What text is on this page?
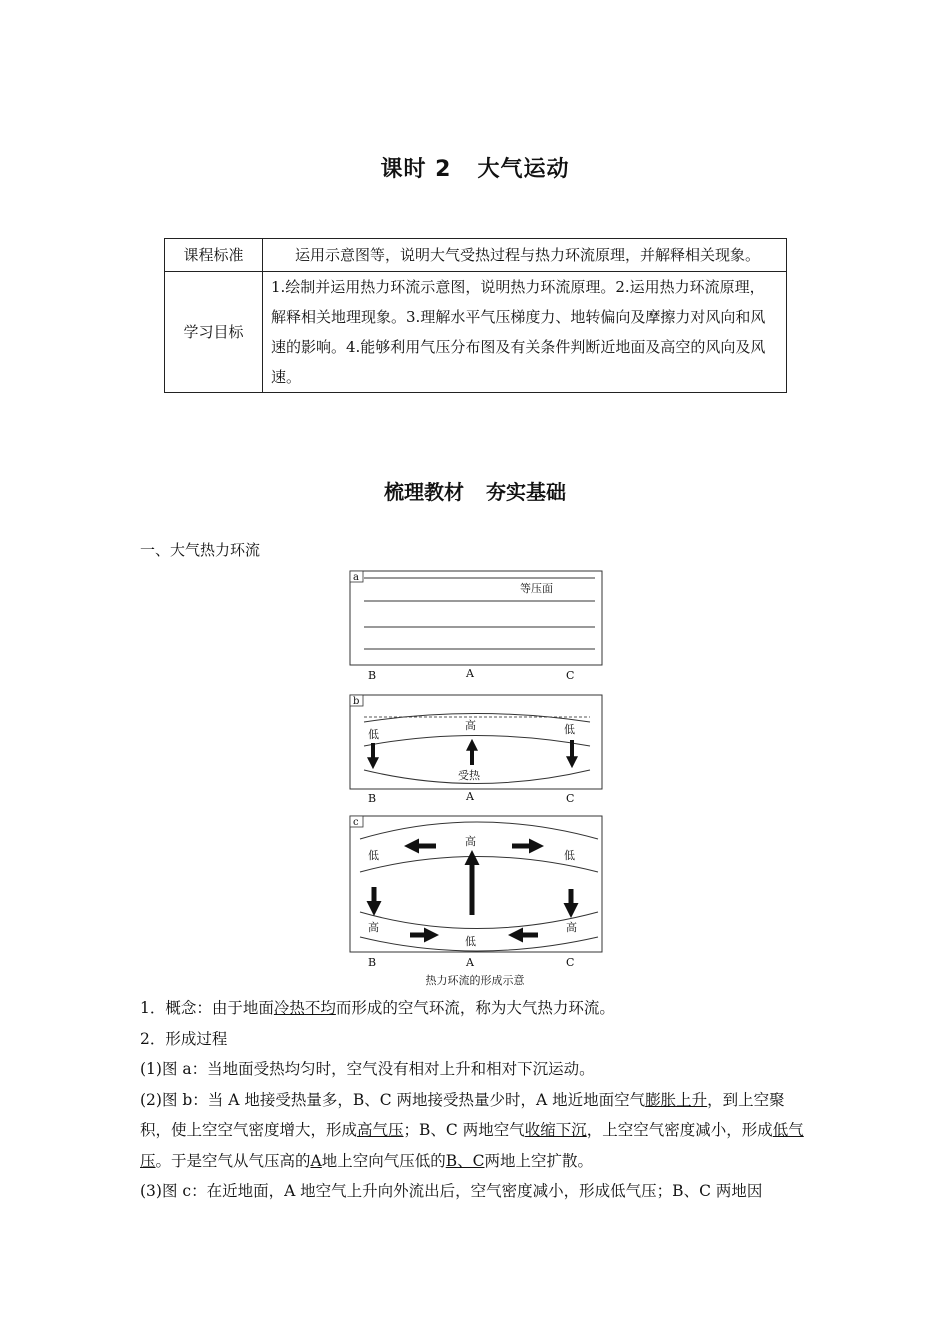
课时 2 大气运动
课程标准	运用示意图等，说明大气受热过程与热力环流原理，并解释相关现象。
学习目标	1.绘制并运用热力环流示意图，说明热力环流原理。2.运用热力环流原理，解释相关地理现象。3.理解水平气压梯度力、地转偏向及摩擦力对风向和风速的影响。4.能够利用气压分布图及有关条件判断近地面及高空的风向及风速。
梳理教材 夯实基础
一、大气热力环流
a
等压面
B	A	C
b
高
低	低
受热
B	A	C
c
高
低	低
高	高
低
B	A	C
热力环流的形成示意

1．概念：由于地面冷热不均而形成的空气环流，称为大气热力环流。

2．形成过程

(1)图 a：当地面受热均匀时，空气没有相对上升和相对下沉运动。

(2)图 b：当 A 地接受热量多，B、C 两地接受热量少时，A 地近地面空气膨胀上升，到上空聚积，使上空空气密度增大，形成高气压；B、C 两地空气收缩下沉，上空空气密度减小，形成低气压。于是空气从气压高的A地上空向气压低的B、C两地上空扩散。

(3)图 c：在近地面，A 地空气上升向外流出后，空气密度减小，形成低气压；B、C 两地因
